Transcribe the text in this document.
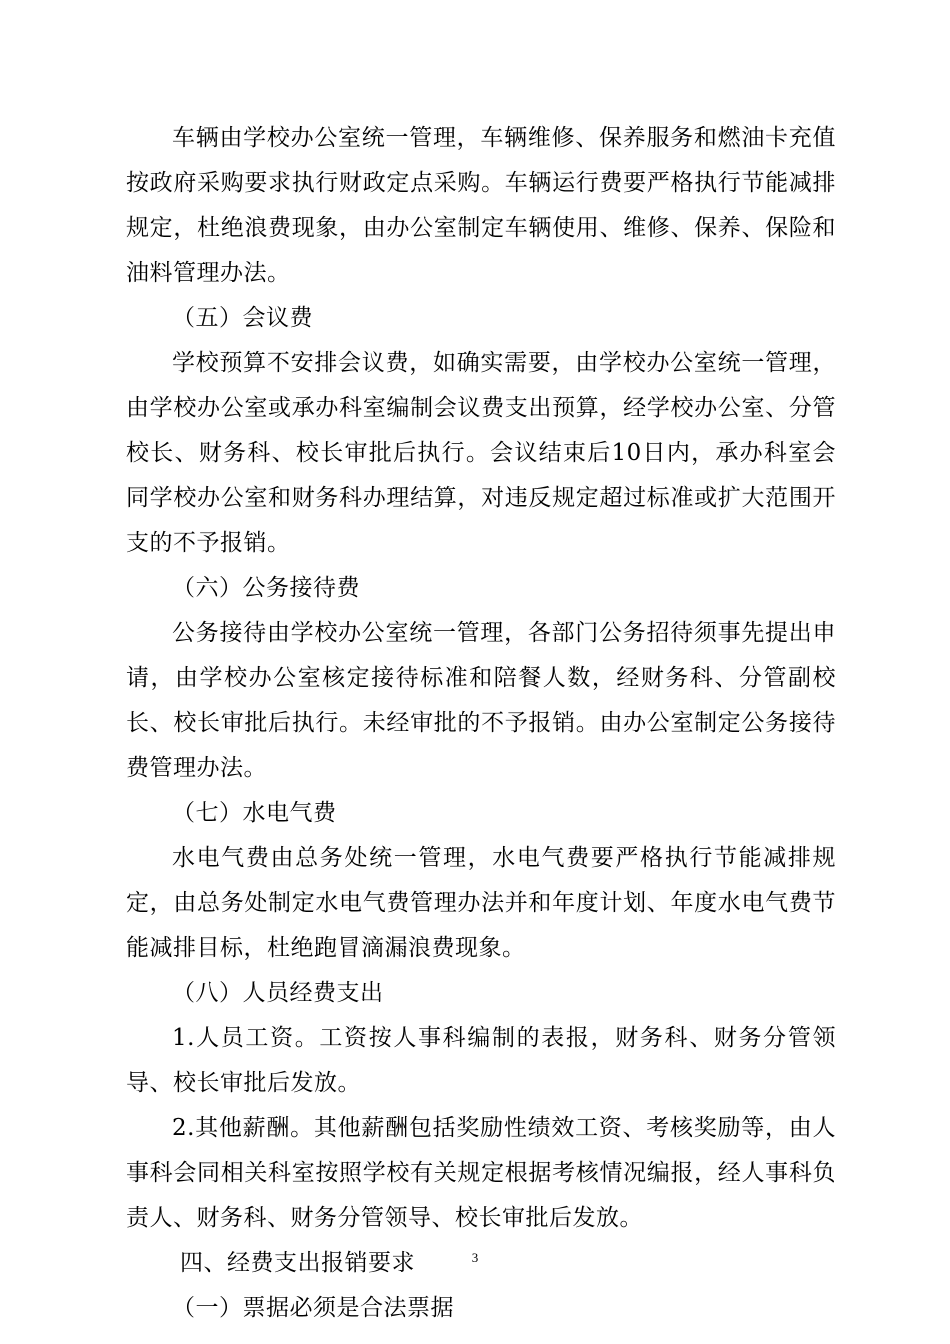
车辆由学校办公室统一管理，车辆维修、保养服务和燃油卡充值按政府采购要求执行财政定点采购。车辆运行费要严格执行节能减排规定，杜绝浪费现象，由办公室制定车辆使用、维修、保养、保险和油料管理办法。

（五）会议费

学校预算不安排会议费，如确实需要，由学校办公室统一管理，由学校办公室或承办科室编制会议费支出预算，经学校办公室、分管校长、财务科、校长审批后执行。会议结束后10日内，承办科室会同学校办公室和财务科办理结算，对违反规定超过标准或扩大范围开支的不予报销。

（六）公务接待费

公务接待由学校办公室统一管理，各部门公务招待须事先提出申请，由学校办公室核定接待标准和陪餐人数，经财务科、分管副校长、校长审批后执行。未经审批的不予报销。由办公室制定公务接待费管理办法。

（七）水电气费

水电气费由总务处统一管理，水电气费要严格执行节能减排规定，由总务处制定水电气费管理办法并和年度计划、年度水电气费节能减排目标，杜绝跑冒滴漏浪费现象。

（八）人员经费支出

1.人员工资。工资按人事科编制的表报，财务科、财务分管领导、校长审批后发放。

2.其他薪酬。其他薪酬包括奖励性绩效工资、考核奖励等，由人事科会同相关科室按照学校有关规定根据考核情况编报，经人事科负责人、财务科、财务分管领导、校长审批后发放。

四、经费支出报销要求

（一）票据必须是合法票据

3
